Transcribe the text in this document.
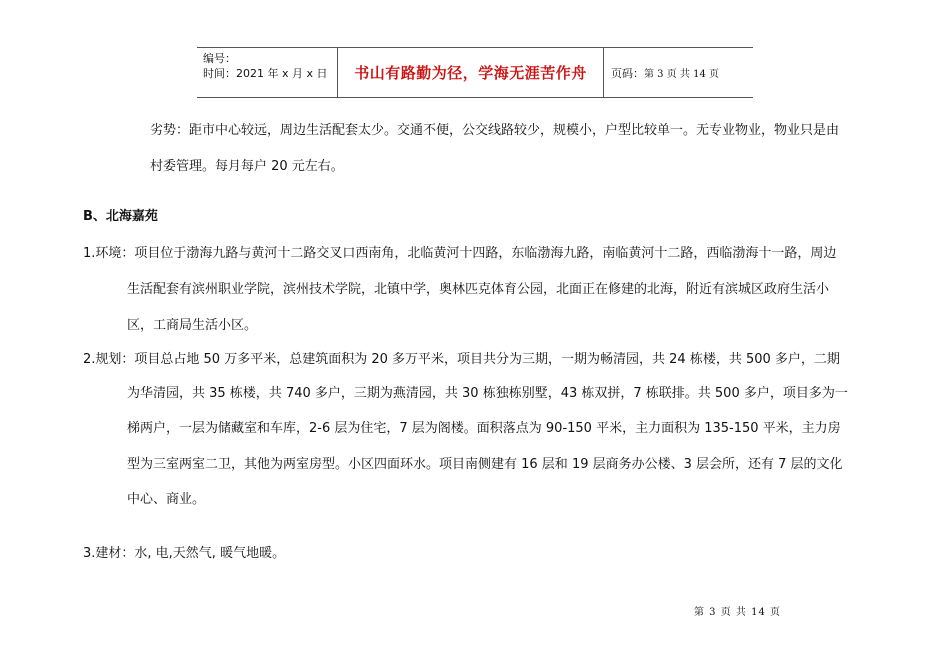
编号：
时间：2021 年 x 月 x 日	书山有路勤为径，学海无涯苦作舟	页码： 第 3 页 共 14 页
劣势：距市中心较远，周边生活配套太少。交通不便，公交线路较少，规模小，户型比较单一。无专业物业，物业只是由
村委管理。每月每户 20 元左右。
B、北海嘉苑
1.环境：项目位于渤海九路与黄河十二路交叉口西南角，北临黄河十四路，东临渤海九路，南临黄河十二路，西临渤海十一路，周边
生活配套有滨州职业学院，滨州技术学院，北镇中学，奥林匹克体育公园，北面正在修建的北海，附近有滨城区政府生活小
区，工商局生活小区。
2.规划：项目总占地 50 万多平米，总建筑面积为 20 多万平米，项目共分为三期，一期为畅清园，共 24 栋楼，共 500 多户，二期
为华清园，共 35 栋楼，共 740 多户，三期为燕清园，共 30 栋独栋别墅，43 栋双拼，7 栋联排。共 500 多户，项目多为一
梯两户，一层为储藏室和车库，2-6 层为住宅，7 层为阁楼。面积落点为 90-150 平米，主力面积为 135-150 平米，主力房
型为三室两室二卫，其他为两室房型。小区四面环水。项目南侧建有 16 层和 19 层商务办公楼、3 层会所，还有 7 层的文化
中心、商业。
3.建材：水, 电,天然气, 暖气地暖。
第 3 页 共 14 页
